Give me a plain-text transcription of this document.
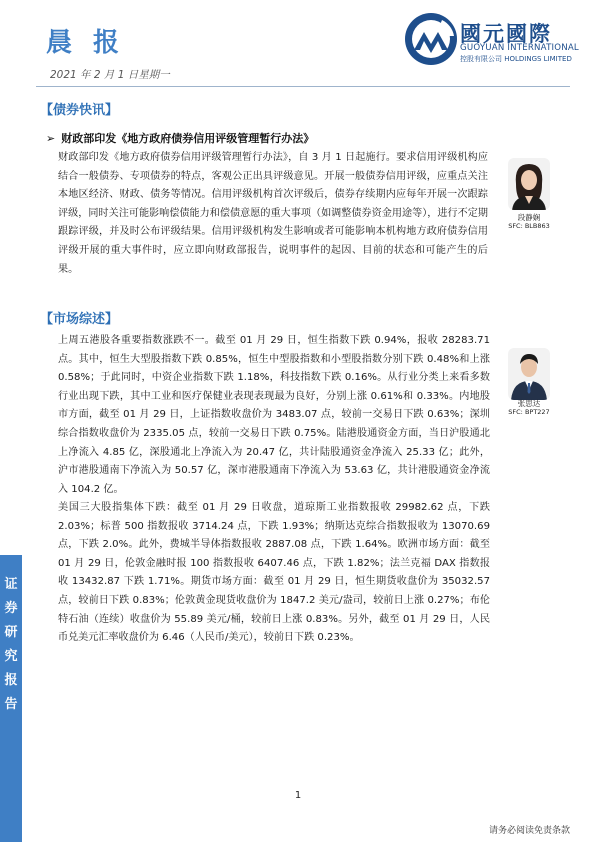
晨 报
2021 年 2 月 1 日星期一
國元國際
GUOYUAN INTERNATIONAL
控股有限公司 HOLDINGS LIMITED
【债券快讯】
➢ 财政部印发《地方政府债券信用评级管理暂行办法》
财政部印发《地方政府债券信用评级管理暂行办法》，自 3 月 1 日起施行。要求信用评级机构应结合一般债券、专项债券的特点，客观公正出具评级意见。开展一般债券信用评级，应重点关注本地区经济、财政、债务等情况。信用评级机构首次评级后，债券存续期内应每年开展一次跟踪评级，同时关注可能影响偿债能力和偿债意愿的重大事项（如调整债券资金用途等），进行不定期跟踪评级，并及时公布评级结果。信用评级机构发生影响或者可能影响本机构地方政府债券信用评级开展的重大事件时，应立即向财政部报告，说明事件的起因、目前的状态和可能产生的后果。
段静娴
SFC: BLB863
【市场综述】
上周五港股各重要指数涨跌不一。截至 01 月 29 日，恒生指数下跌 0.94%，报收 28283.71 点。其中，恒生大型股指数下跌 0.85%，恒生中型股指数和小型股指数分别下跌 0.48%和上涨 0.58%；于此同时，中资企业指数下跌 1.18%，科技指数下跌 0.16%。从行业分类上来看多数行业出现下跌，其中工业和医疗保健业表现表现最为良好，分别上涨 0.61%和 0.33%。内地股市方面，截至 01 月 29 日，上证指数收盘价为 3483.07 点，较前一交易日下跌 0.63%；深圳综合指数收盘价为 2335.05 点，较前一交易日下跌 0.75%。陆港股通资金方面，当日沪股通北上净流入 4.85 亿，深股通北上净流入为 20.47 亿，共计陆股通资金净流入 25.33 亿；此外，沪市港股通南下净流入为 50.57 亿，深市港股通南下净流入为 53.63 亿，共计港股通资金净流入 104.2 亿。
美国三大股指集体下跌：截至 01 月 29 日收盘，道琼斯工业指数报收 29982.62 点，下跌 2.03%；标普 500 指数报收 3714.24 点，下跌 1.93%；纳斯达克综合指数报收为 13070.69 点，下跌 2.0%。此外，费城半导体指数报收 2887.08 点，下跌 1.64%。欧洲市场方面：截至 01 月 29 日，伦敦金融时报 100 指数报收 6407.46 点，下跌 1.82%；法兰克福 DAX 指数报收 13432.87 下跌 1.71%。期货市场方面：截至 01 月 29 日，恒生期货收盘价为 35032.57 点，较前日下跌 0.83%；伦敦黄金现货收盘价为 1847.2 美元/盎司，较前日上涨 0.27%；布伦特石油（连续）收盘价为 55.89 美元/桶，较前日上涨 0.83%。另外，截至 01 月 29 日，人民币兑美元汇率收盘价为 6.46（人民币/美元），较前日下跌 0.23%。
张思达
SFC: BPT227
证券研究报告
1
请务必阅读免责条款
